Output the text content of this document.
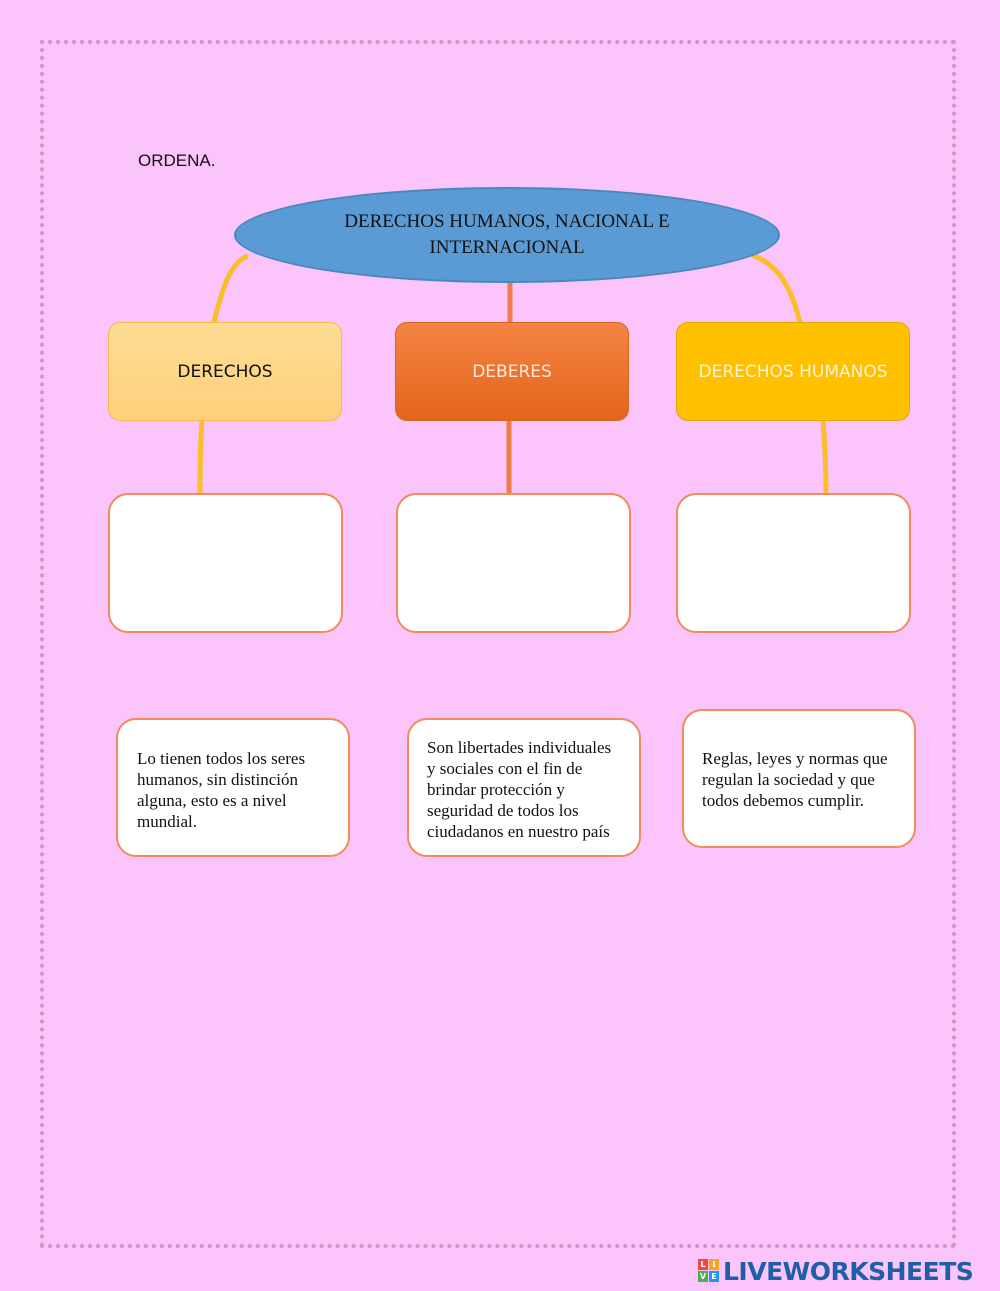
ORDENA.
DERECHOS HUMANOS, NACIONAL E INTERNACIONAL
DERECHOS	DEBERES	DERECHOS HUMANOS
Lo tienen todos los seres humanos, sin distinción alguna, esto es a nivel mundial.
Son libertades individuales y sociales con el fin de brindar protección y seguridad de todos los ciudadanos en nuestro país
Reglas, leyes y normas que regulan la sociedad y que todos debemos cumplir.
L I
V E LIVEWORKSHEETS
